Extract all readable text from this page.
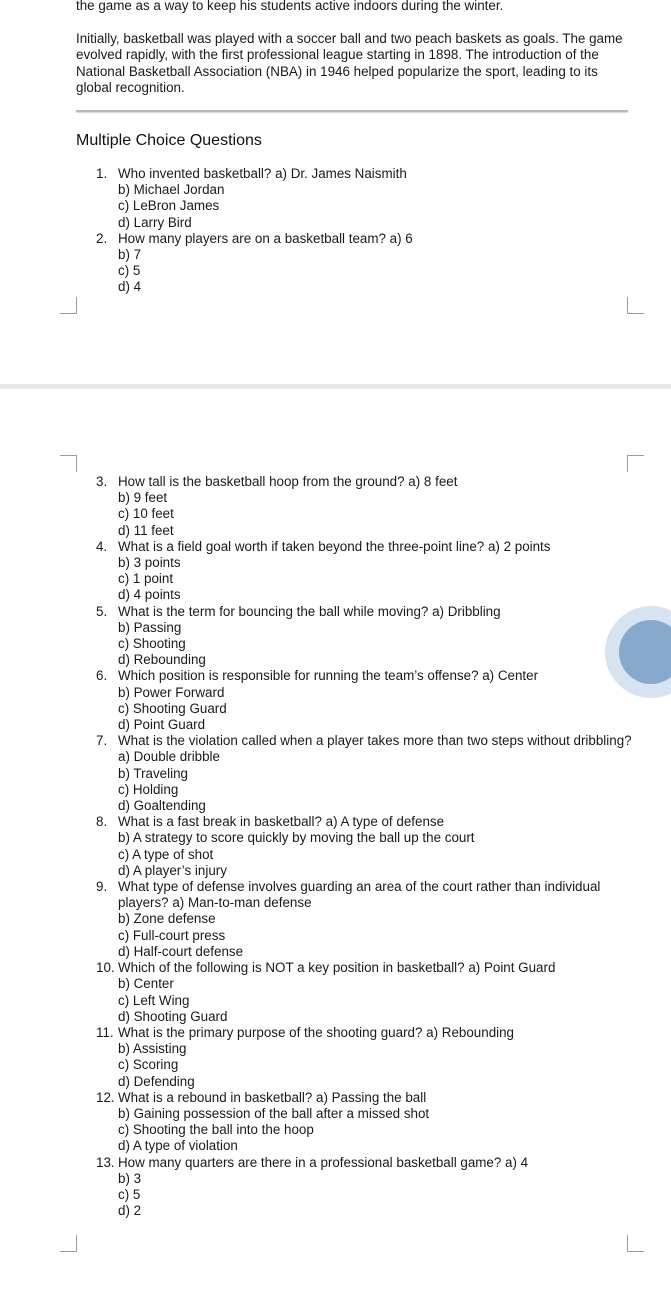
the game as a way to keep his students active indoors during the winter.

Initially, basketball was played with a soccer ball and two peach baskets as goals. The game evolved rapidly, with the first professional league starting in 1898. The introduction of the National Basketball Association (NBA) in 1946 helped popularize the sport, leading to its global recognition.

Multiple Choice Questions
1. Who invented basketball? a) Dr. James Naismith
b) Michael Jordan
c) LeBron James
d) Larry Bird
2. How many players are on a basketball team? a) 6
b) 7
c) 5
d) 4
3. How tall is the basketball hoop from the ground? a) 8 feet
b) 9 feet
c) 10 feet
d) 11 feet
4. What is a field goal worth if taken beyond the three-point line? a) 2 points
b) 3 points
c) 1 point
d) 4 points
5. What is the term for bouncing the ball while moving? a) Dribbling
b) Passing
c) Shooting
d) Rebounding
6. Which position is responsible for running the team’s offense? a) Center
b) Power Forward
c) Shooting Guard
d) Point Guard
7. What is the violation called when a player takes more than two steps without dribbling? a) Double dribble
b) Traveling
c) Holding
d) Goaltending
8. What is a fast break in basketball? a) A type of defense
b) A strategy to score quickly by moving the ball up the court
c) A type of shot
d) A player’s injury
9. What type of defense involves guarding an area of the court rather than individual players? a) Man-to-man defense
b) Zone defense
c) Full-court press
d) Half-court defense
10. Which of the following is NOT a key position in basketball? a) Point Guard
b) Center
c) Left Wing
d) Shooting Guard
11. What is the primary purpose of the shooting guard? a) Rebounding
b) Assisting
c) Scoring
d) Defending
12. What is a rebound in basketball? a) Passing the ball
b) Gaining possession of the ball after a missed shot
c) Shooting the ball into the hoop
d) A type of violation
13. How many quarters are there in a professional basketball game? a) 4
b) 3
c) 5
d) 2
